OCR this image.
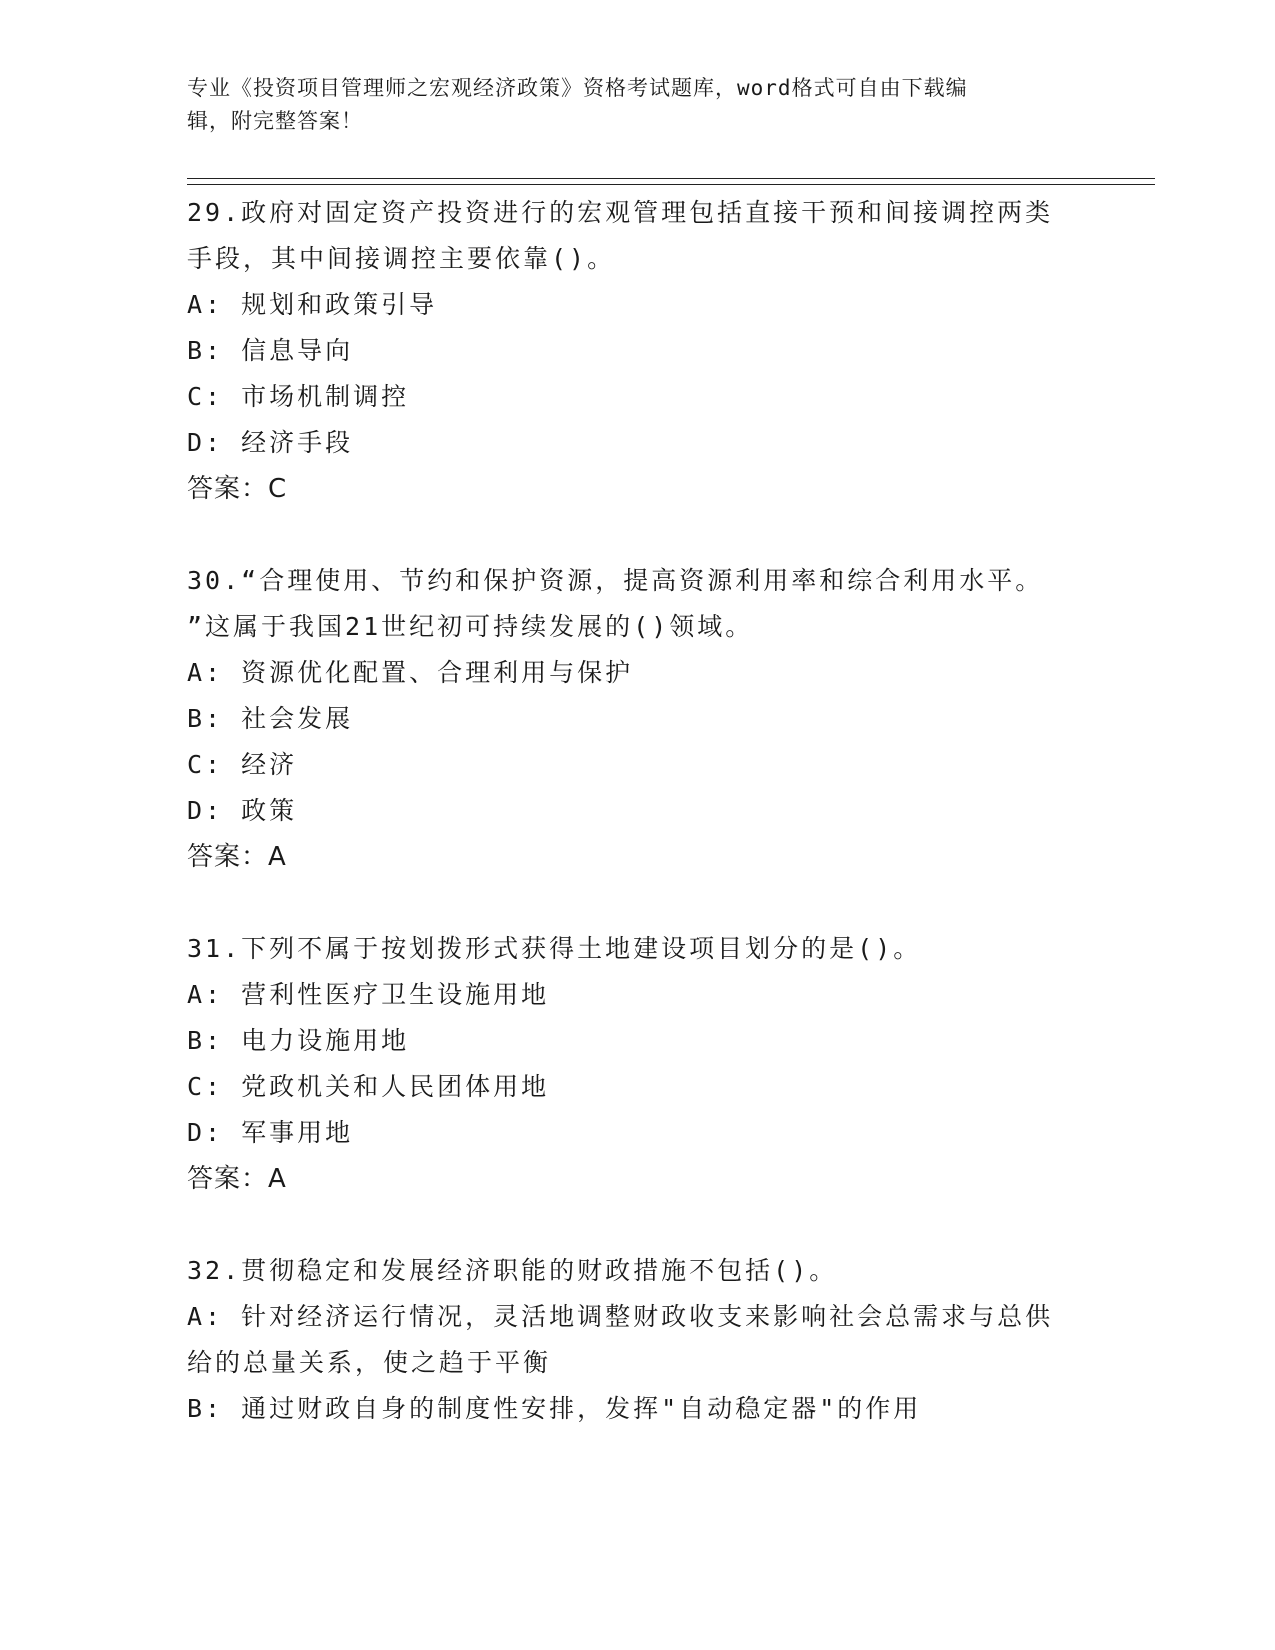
专业《投资项目管理师之宏观经济政策》资格考试题库，word格式可自由下载编
辑，附完整答案！

29.政府对固定资产投资进行的宏观管理包括直接干预和间接调控两类

手段，其中间接调控主要依靠()。

A: 规划和政策引导

B: 信息导向

C: 市场机制调控

D: 经济手段

答案：C

30.“合理使用、节约和保护资源，提高资源利用率和综合利用水平。

”这属于我国21世纪初可持续发展的()领域。

A: 资源优化配置、合理利用与保护

B: 社会发展

C: 经济

D: 政策

答案：A

31.下列不属于按划拨形式获得土地建设项目划分的是()。

A: 营利性医疗卫生设施用地

B: 电力设施用地

C: 党政机关和人民团体用地

D: 军事用地

答案：A

32.贯彻稳定和发展经济职能的财政措施不包括()。

A: 针对经济运行情况，灵活地调整财政收支来影响社会总需求与总供

给的总量关系，使之趋于平衡

B: 通过财政自身的制度性安排，发挥"自动稳定器"的作用
